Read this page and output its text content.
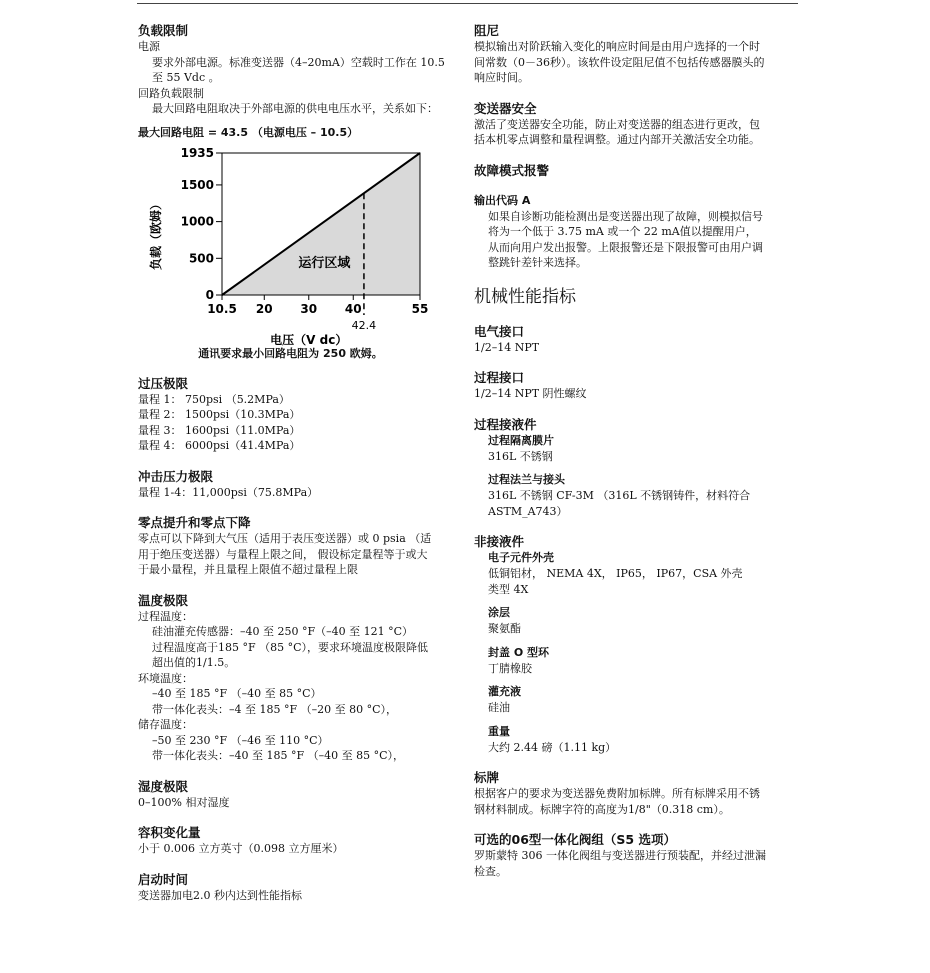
负载限制

电源

要求外部电源。标准变送器（4–20mA）空载时工作在 10.5

至 55 Vdc 。

回路负载限制

最大回路电阻取决于外部电源的供电电压水平，关系如下：

最大回路电阻 = 43.5 （电源电压 – 10.5）

0
500
1000
1500
1935
10.5 20 30 40	55
42.4
运行区域
电压（V dc）
负载（欧姆）

通讯要求最小回路电阻为 250 欧姆。

过压极限

量程 1： 750psi （5.2MPa）

量程 2： 1500psi（10.3MPa）

量程 3： 1600psi（11.0MPa）

量程 4： 6000psi（41.4MPa）

冲击压力极限

量程 1-4：11,000psi（75.8MPa）

零点提升和零点下降

零点可以下降到大气压（适用于表压变送器）或 0 psia （适

用于绝压变送器）与量程上限之间， 假设标定量程等于或大

于最小量程，并且量程上限值不超过量程上限

温度极限

过程温度：

硅油灌充传感器：–40 至 250 °F（–40 至 121 °C）

过程温度高于185 °F （85 °C），要求环境温度极限降低

超出值的1/1.5。

环境温度：

–40 至 185 °F （–40 至 85 °C）

带一体化表头：–4 至 185 °F （–20 至 80 °C），

储存温度：

–50 至 230 °F （–46 至 110 °C）

带一体化表头：–40 至 185 °F （–40 至 85 °C），

湿度极限

0–100% 相对湿度

容积变化量

小于 0.006 立方英寸（0.098 立方厘米）

启动时间

变送器加电2.0 秒内达到性能指标

阻尼

模拟输出对阶跃输入变化的响应时间是由用户选择的一个时

间常数（0－36秒）。该软件设定阻尼值不包括传感器膜头的

响应时间。

变送器安全

激活了变送器安全功能，防止对变送器的组态进行更改，包

括本机零点调整和量程调整。通过内部开关激活安全功能。

故障模式报警

输出代码 A

如果自诊断功能检测出是变送器出现了故障，则模拟信号

将为一个低于 3.75 mA 或一个 22 mA值以提醒用户，

从而向用户发出报警。上限报警还是下限报警可由用户调

整跳针差针来选择。

机械性能指标

电气接口

1/2–14 NPT

过程接口

1/2–14 NPT 阴性螺纹

过程接液件

过程隔离膜片

316L 不锈钢

过程法兰与接头

316L 不锈钢 CF-3M （316L 不锈钢铸件，材料符合

ASTM_A743）

非接液件

电子元件外壳

低铜铝材， NEMA 4X， IP65， IP67，CSA 外壳

类型 4X

涂层

聚氨酯

封盖 O 型环

丁腈橡胶

灌充液

硅油

重量

大约 2.44 磅（1.11 kg）

标牌

根据客户的要求为变送器免费附加标牌。所有标牌采用不锈

钢材料制成。标牌字符的高度为1/8"（0.318 cm）。

可选的06型一体化阀组（S5 选项）

罗斯蒙特 306 一体化阀组与变送器进行预装配，并经过泄漏

检查。
